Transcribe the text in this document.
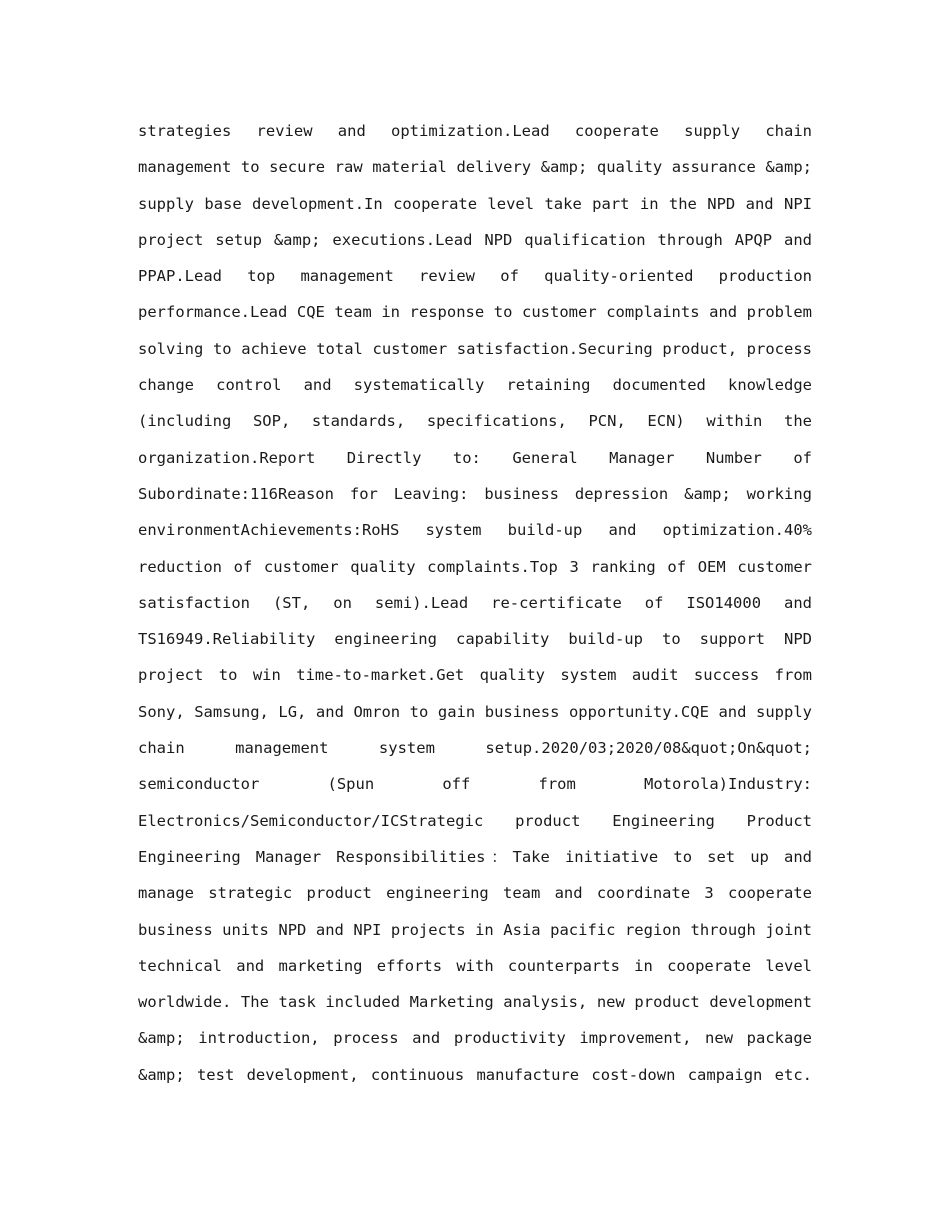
strategies review and optimization.Lead cooperate supply chain
management to secure raw material delivery &amp; quality assurance &amp;
supply base development.In cooperate level take part in the NPD and NPI
project setup &amp; executions.Lead NPD qualification through APQP and
PPAP.Lead top management review of quality-oriented production
performance.Lead CQE team in response to customer complaints and problem
solving to achieve total customer satisfaction.Securing product, process
change control and systematically retaining documented knowledge
(including SOP, standards, specifications, PCN, ECN) within the
organization.Report Directly to: General Manager Number of
Subordinate:116Reason for Leaving: business depression &amp; working
environmentAchievements:RoHS system build-up and optimization.40%
reduction of customer quality complaints.Top 3 ranking of OEM customer
satisfaction (ST, on semi).Lead re-certificate of ISO14000 and
TS16949.Reliability engineering capability build-up to support NPD
project to win time-to-market.Get quality system audit success from
Sony, Samsung, LG, and Omron to gain business opportunity.CQE and supply
chain management system setup.2020/03;2020/08&quot;On&quot;
semiconductor (Spun off from Motorola)Industry:
Electronics/Semiconductor/ICStrategic product Engineering Product
Engineering Manager Responsibilities：Take initiative to set up and
manage strategic product engineering team and coordinate 3 cooperate
business units NPD and NPI projects in Asia pacific region through joint
technical and marketing efforts with counterparts in cooperate level
worldwide. The task included Marketing analysis, new product development
&amp; introduction, process and productivity improvement, new package
&amp; test development, continuous manufacture cost-down campaign etc.
